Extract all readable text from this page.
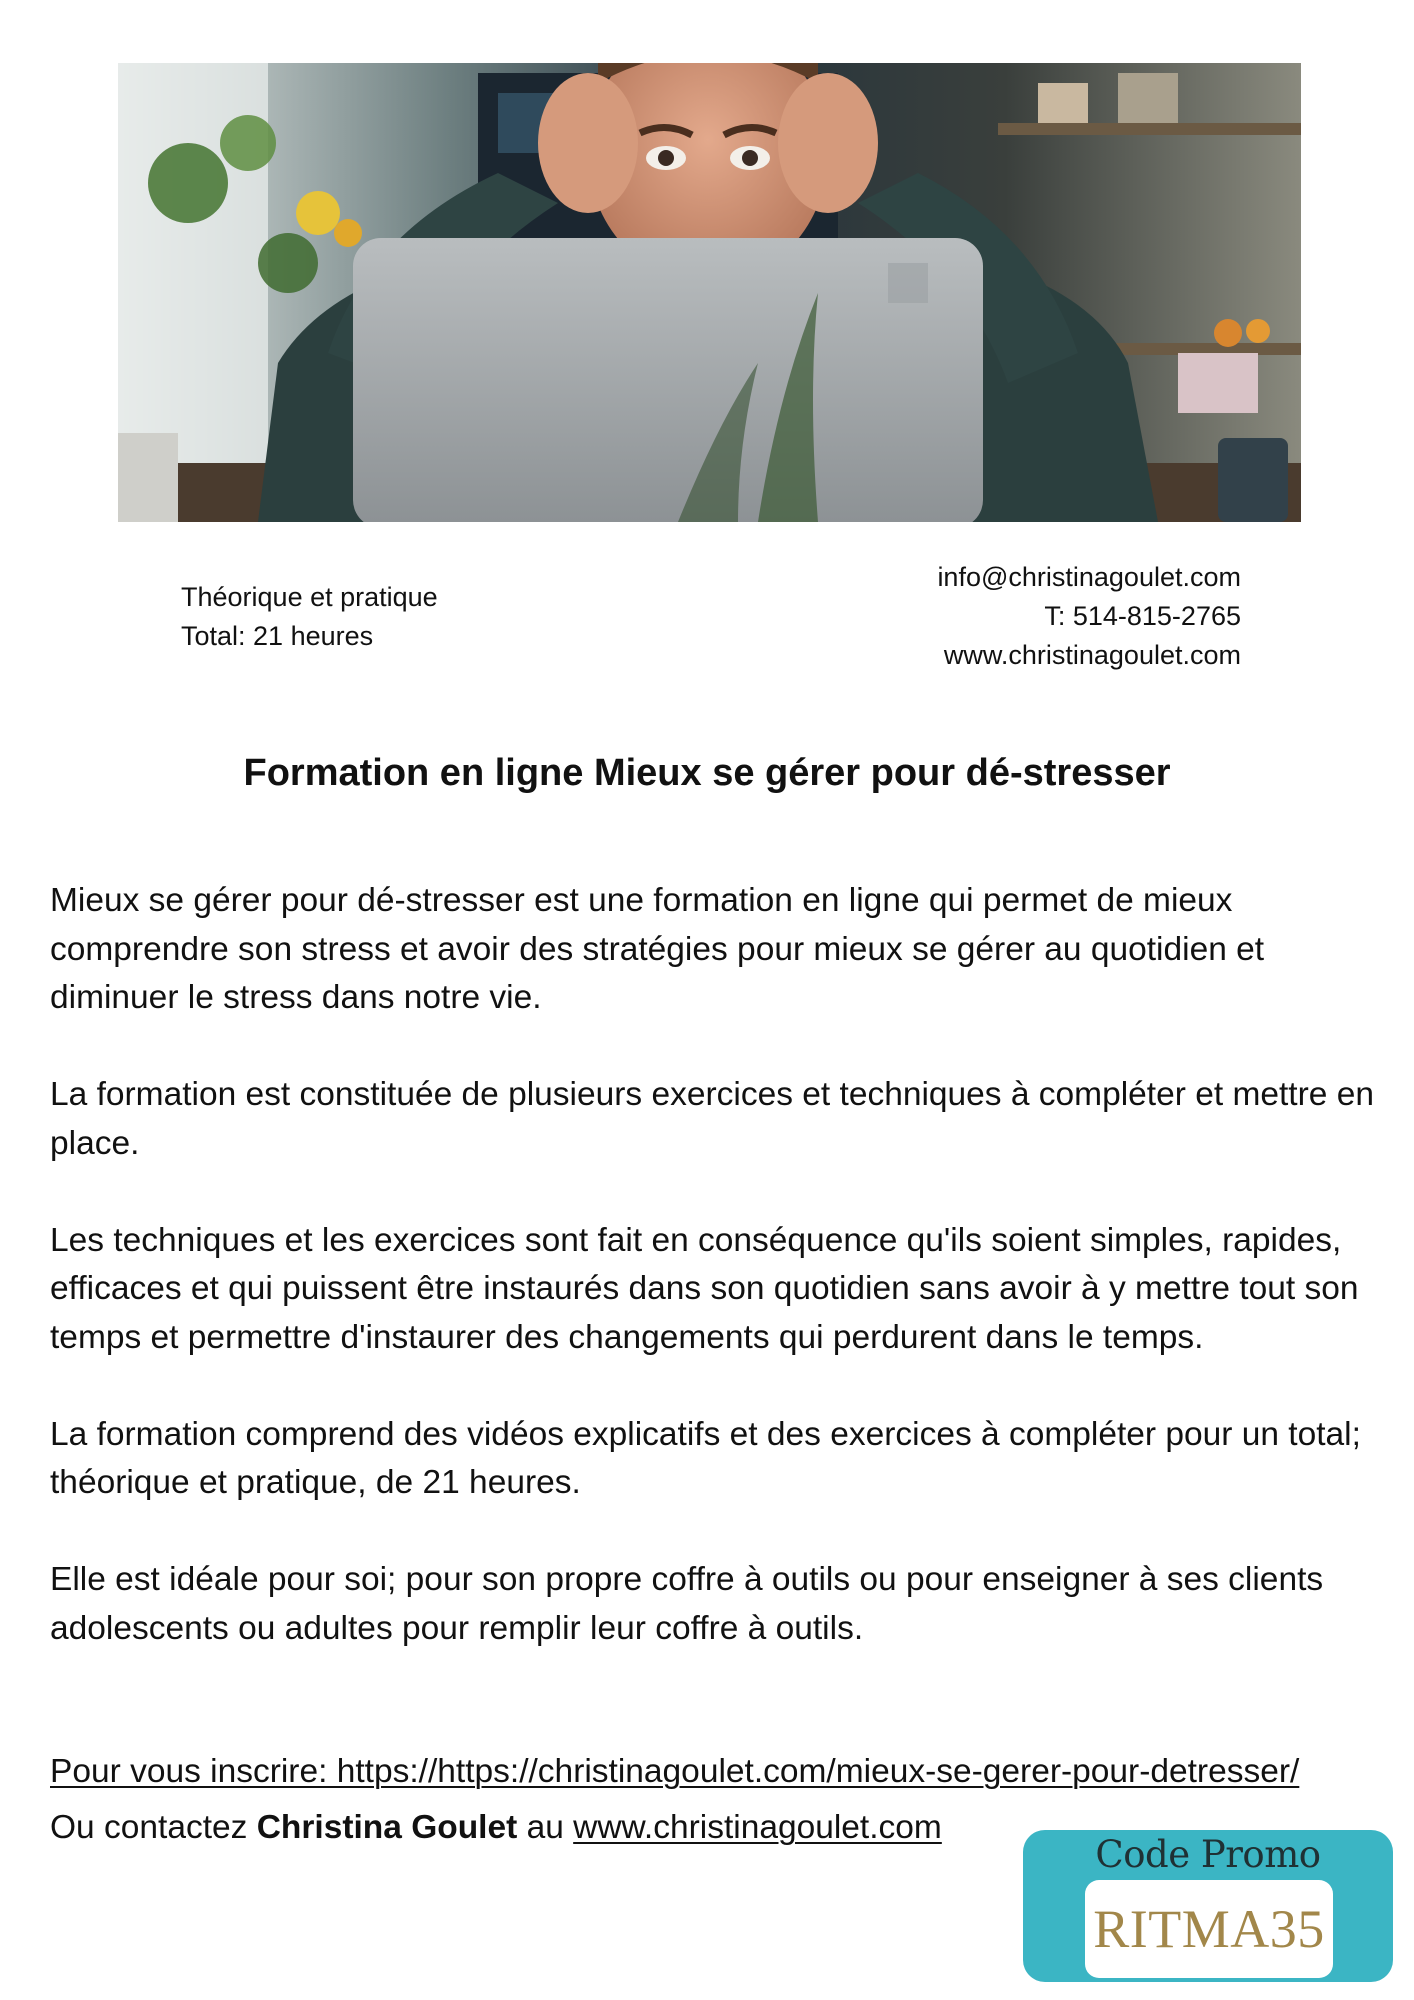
Théorique et pratique
Total: 21 heures
info@christinagoulet.com
T: 514-815-2765
www.christinagoulet.com
Formation en ligne Mieux se gérer pour dé-stresser

Mieux se gérer pour dé-stresser est une formation en ligne qui permet de mieux comprendre son stress et avoir des stratégies pour mieux se gérer au quotidien et diminuer le stress dans notre vie.

La formation est constituée de plusieurs exercices et techniques à compléter et mettre en place.

Les techniques et les exercices sont fait en conséquence qu'ils soient simples, rapides, efficaces et qui puissent être instaurés dans son quotidien sans avoir à y mettre tout son temps et permettre d'instaurer des changements qui perdurent dans le temps.

La formation comprend des vidéos explicatifs et des exercices à compléter pour un total; théorique et pratique, de 21 heures.

Elle est idéale pour soi; pour son propre coffre à outils ou pour enseigner à ses clients adolescents ou adultes pour remplir leur coffre à outils.

Pour vous inscrire: https://https://christinagoulet.com/mieux-se-gerer-pour-detresser/
Ou contactez Christina Goulet au www.christinagoulet.com
Code Promo
RITMA35
